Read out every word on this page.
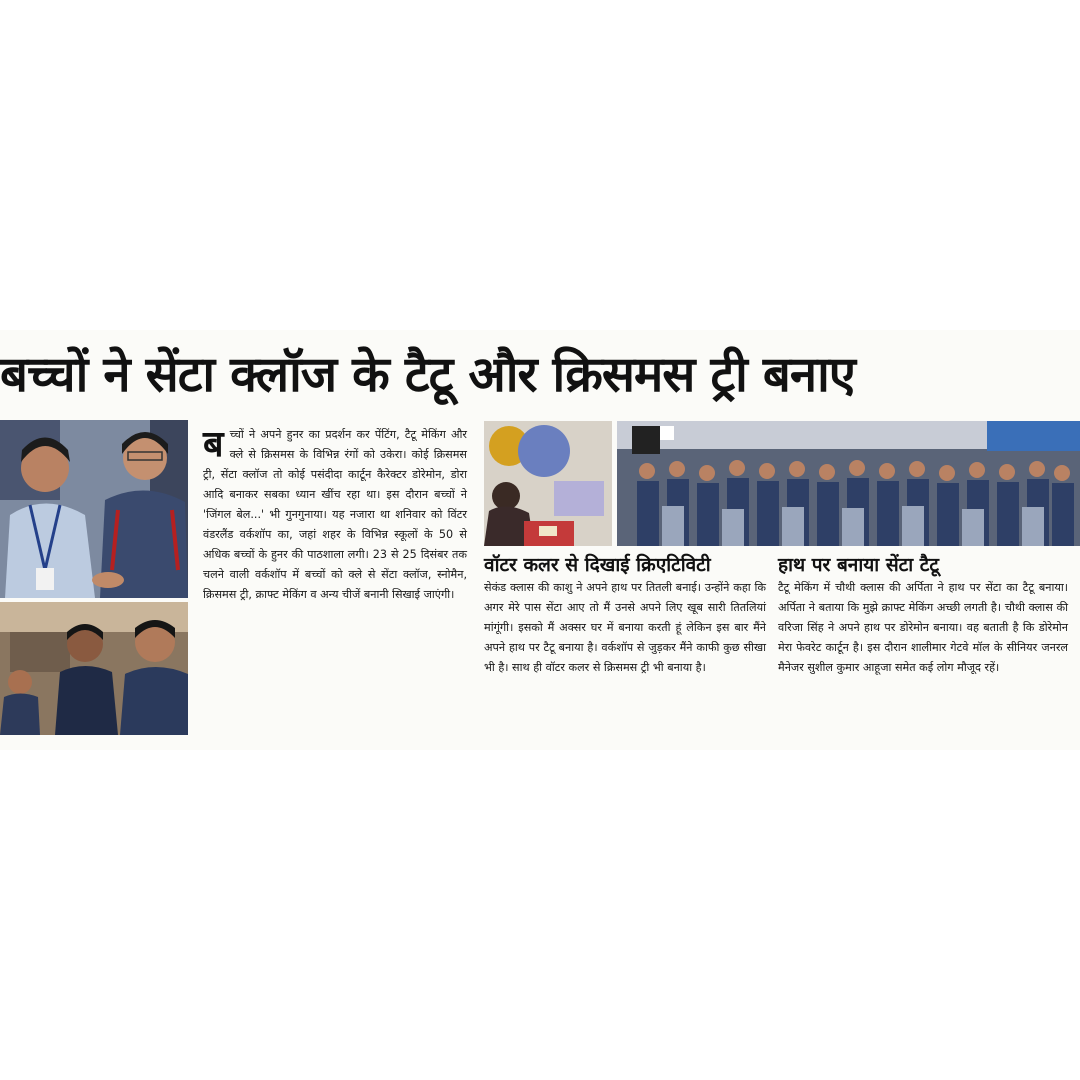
बच्चों ने सेंटा क्लॉज के टैटू और क्रिसमस ट्री बनाए
बच्चों ने अपने हुनर का प्रदर्शन कर पेंटिंग, टैटू मेकिंग और क्ले से क्रिसमस के विभिन्न रंगों को उकेरा। कोई क्रिसमस ट्री, सेंटा क्लॉज तो कोई पसंदीदा कार्टून कैरेक्टर डोरेमोन, डोरा आदि बनाकर सबका ध्यान खींच रहा था। इस दौरान बच्चों ने 'जिंगल बेल...' भी गुनगुनाया। यह नजारा था शनिवार को विंटर वंडरलैंड वर्कशॉप का, जहां शहर के विभिन्न स्कूलों के 50 से अधिक बच्चों के हुनर की पाठशाला लगी। 23 से 25 दिसंबर तक चलने वाली वर्कशॉप में बच्चों को क्ले से सेंटा क्लॉज, स्नोमैन, क्रिसमस ट्री, क्राफ्ट मेकिंग व अन्य चीजें बनानी सिखाई जाएंगी।
वॉटर कलर से दिखाई क्रिएटिविटी
सेकंड क्लास की काशु ने अपने हाथ पर तितली बनाई। उन्होंने कहा कि अगर मेरे पास सेंटा आए तो मैं उनसे अपने लिए खूब सारी तितलियां मांगूंगी। इसको मैं अक्सर घर में बनाया करती हूं लेकिन इस बार मैंने अपने हाथ पर टैटू बनाया है। वर्कशॉप से जुड़कर मैंने काफी कुछ सीखा भी है। साथ ही वॉटर कलर से क्रिसमस ट्री भी बनाया है।
हाथ पर बनाया सेंटा टैटू
टैटू मेकिंग में चौथी क्लास की अर्पिता ने हाथ पर सेंटा का टैटू बनाया। अर्पिता ने बताया कि मुझे क्राफ्ट मेकिंग अच्छी लगती है। चौथी क्लास की वरिजा सिंह ने अपने हाथ पर डोरेमोन बनाया। वह बताती है कि डोरेमोन मेरा फेवरेट कार्टून है। इस दौरान शालीमार गेटवे मॉल के सीनियर जनरल मैनेजर सुशील कुमार आहूजा समेत कई लोग मौजूद रहें।
